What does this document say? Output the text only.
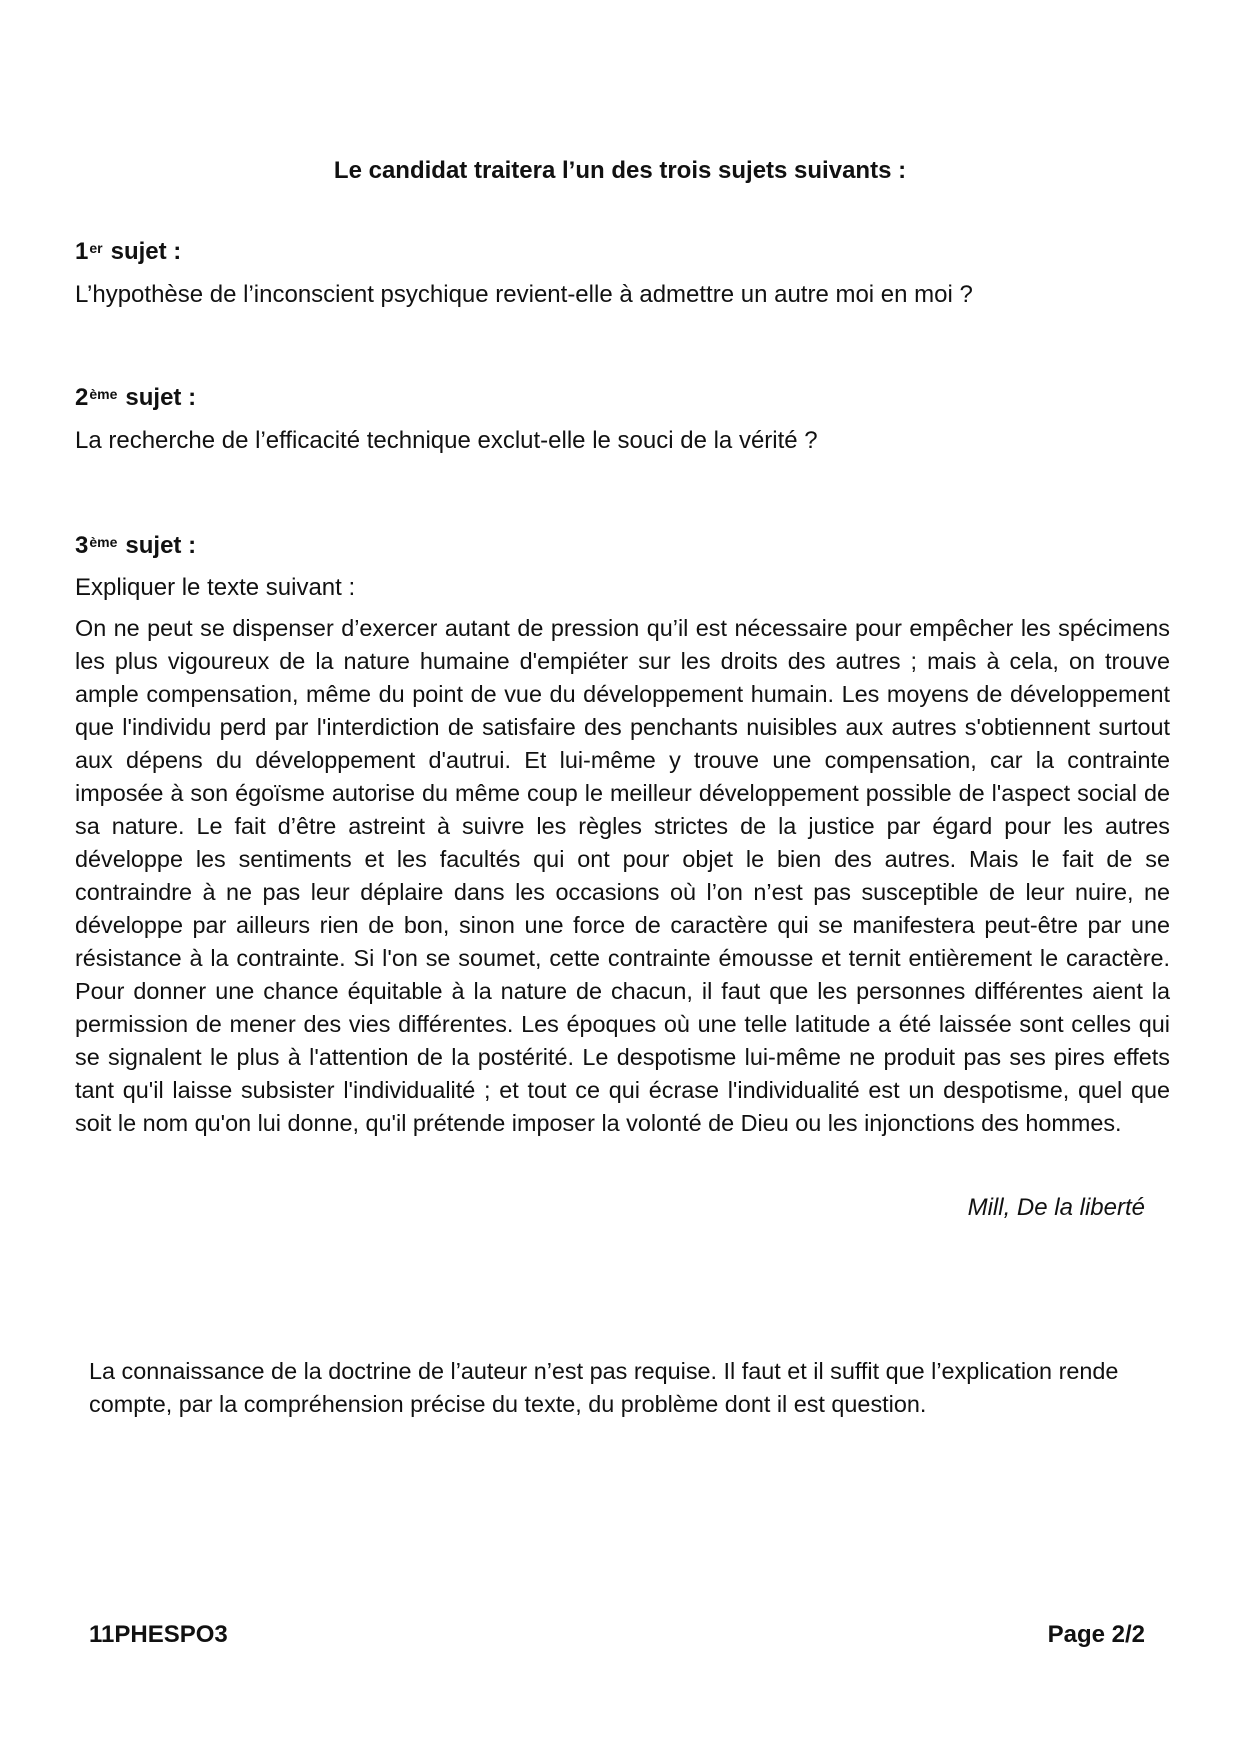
Le candidat traitera l’un des trois sujets suivants :
1er sujet :
L’hypothèse de l’inconscient psychique revient-elle à admettre un autre moi en moi ?
2ème sujet :
La recherche de l’efficacité technique exclut-elle le souci de la vérité ?
3ème sujet :
Expliquer le texte suivant :

On ne peut se dispenser d’exercer autant de pression qu’il est nécessaire pour empêcher les spécimens les plus vigoureux de la nature humaine d'empiéter sur les droits des autres ; mais à cela, on trouve ample compensation, même du point de vue du développement humain. Les moyens de développement que l'individu perd par l'interdiction de satisfaire des penchants nuisibles aux autres s'obtiennent surtout aux dépens du développement d'autrui. Et lui-même y trouve une compensation, car la contrainte imposée à son égoïsme autorise du même coup le meilleur développement possible de l'aspect social de sa nature. Le fait d’être astreint à suivre les règles strictes de la justice par égard pour les autres développe les sentiments et les facultés qui ont pour objet le bien des autres. Mais le fait de se contraindre à ne pas leur déplaire dans les occasions où l’on n’est pas susceptible de leur nuire, ne développe par ailleurs rien de bon, sinon une force de caractère qui se manifestera peut-être par une résistance à la contrainte. Si l'on se soumet, cette contrainte émousse et ternit entièrement le caractère. Pour donner une chance équitable à la nature de chacun, il faut que les personnes différentes aient la permission de mener des vies différentes. Les époques où une telle latitude a été laissée sont celles qui se signalent le plus à l'attention de la postérité. Le despotisme lui-même ne produit pas ses pires effets tant qu'il laisse subsister l'individualité ; et tout ce qui écrase l'individualité est un despotisme, quel que soit le nom qu'on lui donne, qu'il prétende imposer la volonté de Dieu ou les injonctions des hommes.

Mill, De la liberté

La connaissance de la doctrine de l’auteur n’est pas requise. Il faut et il suffit que l’explication rende compte, par la compréhension précise du texte, du problème dont il est question.

11PHESPO3	Page 2/2
